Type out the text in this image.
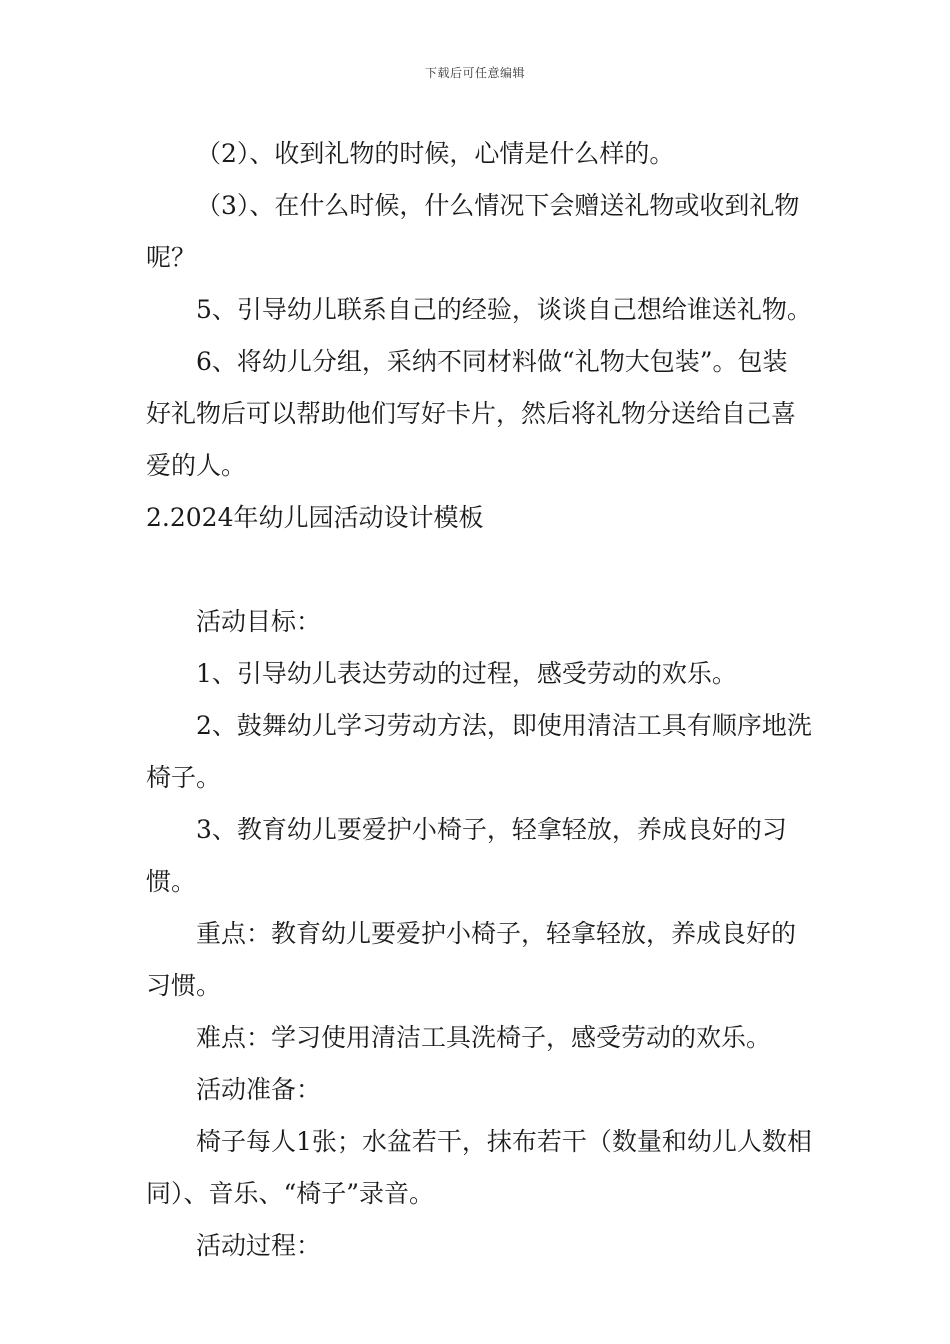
下载后可任意编辑

（2）、收到礼物的时候，心情是什么样的。

（3）、在什么时候，什么情况下会赠送礼物或收到礼物呢？

5、引导幼儿联系自己的经验，谈谈自己想给谁送礼物。

6、将幼儿分组，采纳不同材料做“礼物大包装”。包装好礼物后可以帮助他们写好卡片，然后将礼物分送给自己喜爱的人。

2.2024年幼儿园活动设计模板

活动目标：

1、引导幼儿表达劳动的过程，感受劳动的欢乐。

2、鼓舞幼儿学习劳动方法，即使用清洁工具有顺序地洗椅子。

3、教育幼儿要爱护小椅子，轻拿轻放，养成良好的习惯。

重点：教育幼儿要爱护小椅子，轻拿轻放，养成良好的习惯。

难点：学习使用清洁工具洗椅子，感受劳动的欢乐。

活动准备：

椅子每人1张；水盆若干，抹布若干（数量和幼儿人数相同）、音乐、“椅子”录音。

活动过程：
